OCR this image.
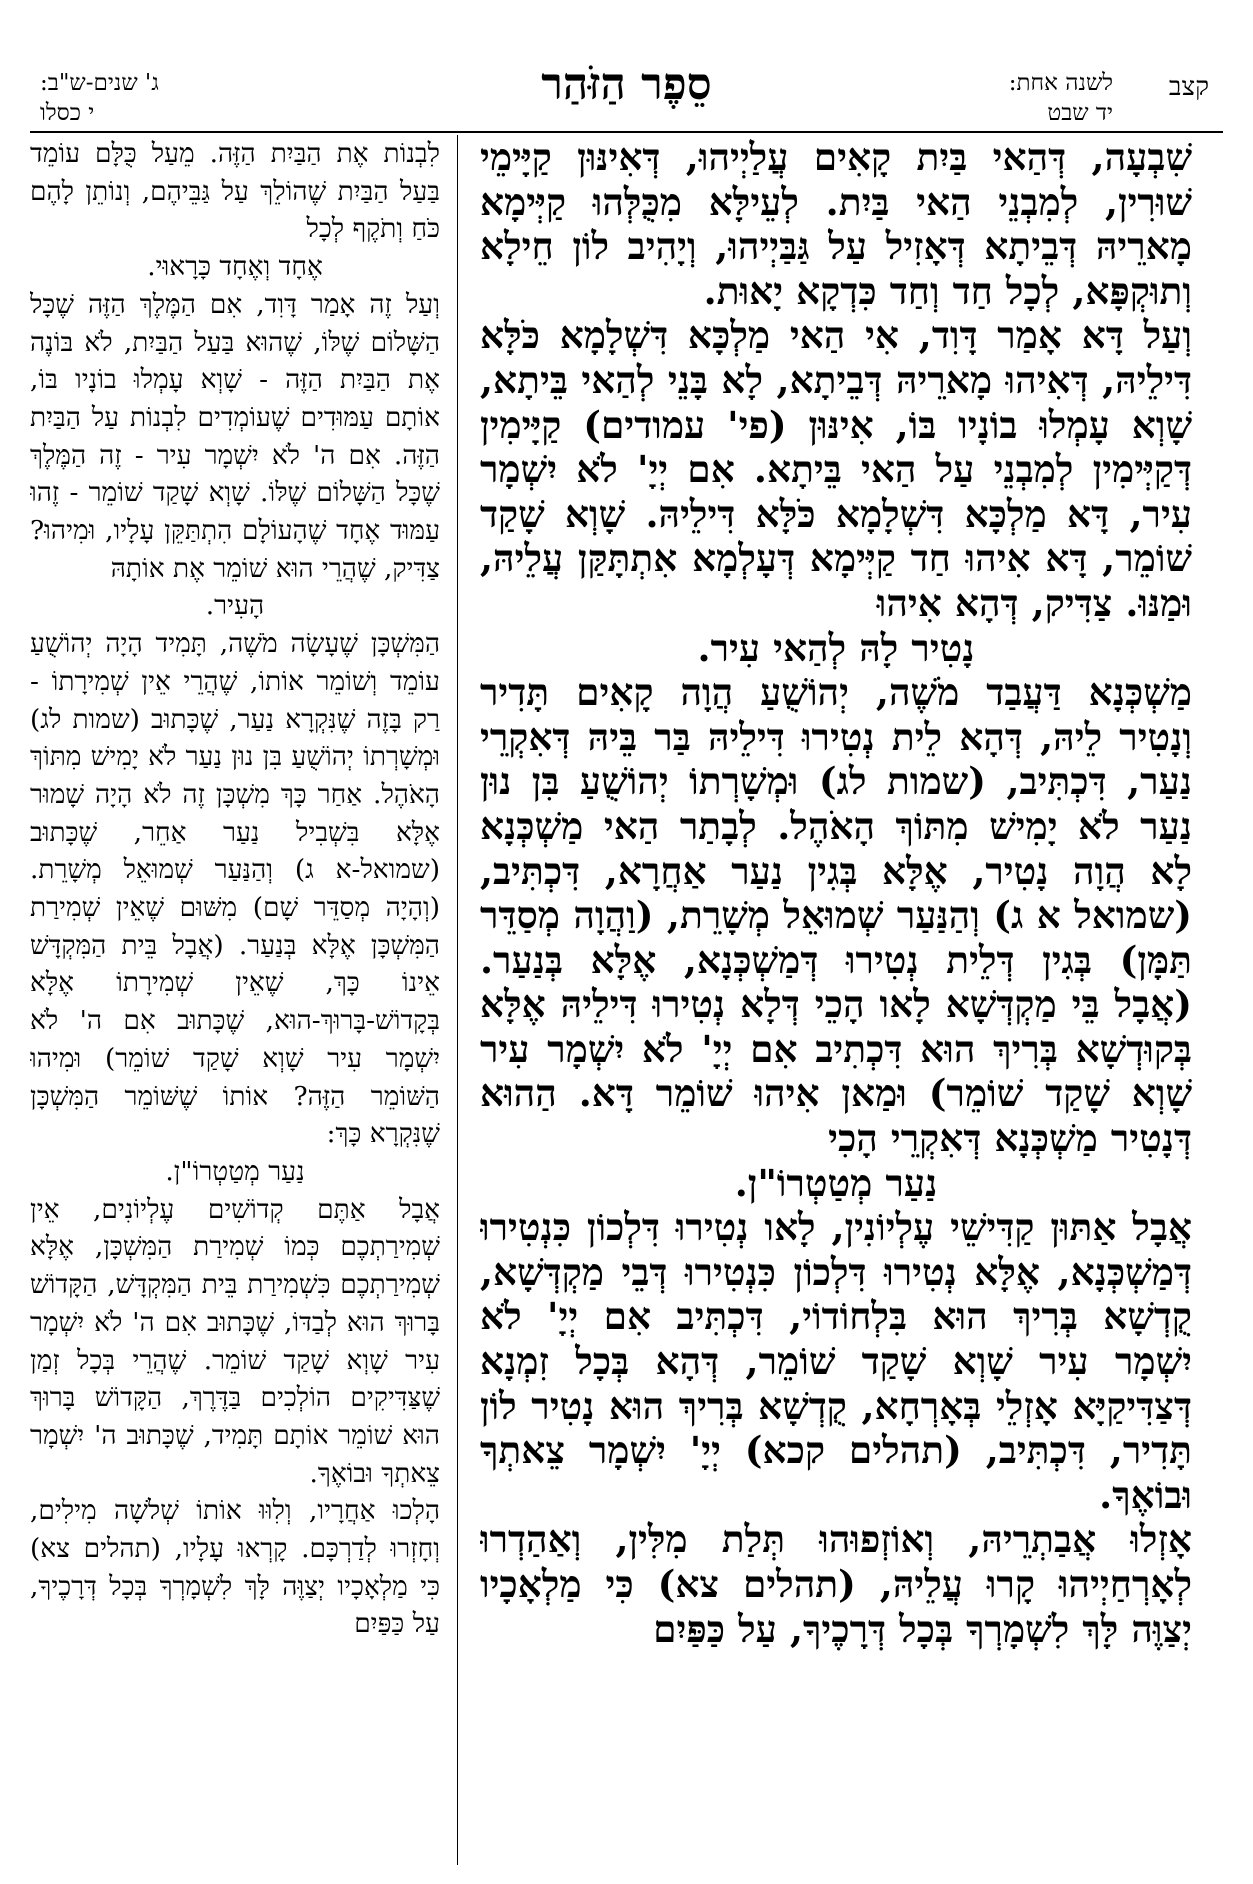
קצב
לשנה אחת:
יד שבט
סֵפֶר הַזֹּהַר
ג' שנים-ש"ב:
י כסלו

שִׁבְעָה, דְּהַאי בַּיִת קָאִים עֲלַיְיהוּ, דְּאִינּוּן קַיָּימֵי שׁוּרִין, לְמִבְנֵי הַאי בַּיִת. לְעֵילָּא מִכֻּלְּהוּ קַיְּימָא מָארֵיהּ דְּבֵיתָא דְּאָזִיל עַל גַּבַּיְיהוּ, וְיָהִיב לוֹן חֵילָא וְתוּקְפָּא, לְכָל חַד וְחַד כִּדְקָא יָאוּת.

וְעַל דָּא אָמַר דָּוִד, אִי הַאי מַלְכָּא דִּשְׁלָמָא כֹּלָּא דִּילֵיהּ, דְּאִיהוּ מָארֵיהּ דְּבֵיתָא, לָא בָּנֵי לְהַאי בֵּיתָא, שָׁוְא עָמְלוּ בוֹנָיו בּוֹ, אִינּוּן (פי' עמודים) קַיָּימִין דְּקַיְּימִין לְמִבְנֵי עַל הַאי בֵּיתָא. אִם יְיָ' לֹא יִשְׁמָר עִיר, דָּא מַלְכָּא דִּשְׁלָמָא כֹּלָּא דִּילֵיהּ. שָׁוְא שָׁקַד שׁוֹמֵר, דָּא אִיהוּ חַד קַיְּימָא דְּעָלְמָא אִתְתָּקַּן עֲלֵיהּ, וּמַנּוּ. צַדִּיק, דְּהָא אִיהוּ

נָטִיר לָהּ לְהַאי עִיר.

מַשְׁכְּנָא דַּעֲבַד מֹשֶׁה, יְהוֹשֻׁעַ הֲוָה קָאִים תָּדִיר וְנָטִיר לֵיהּ, דְּהָא לֵית נְטִירוּ דִּילֵיהּ בַּר בֵּיהּ דְּאִקְרֵי נַעַר, דִּכְתִּיב, (שמות לג) וּמְשָׁרְתוֹ יְהוֹשֻׁעַ בִּן נוּן נַעַר לֹא יָמִישׁ מִתּוֹךְ הָאֹהֶל. לְבָתַר הַאי מַשְׁכְּנָא לָא הֲוָה נָטִיר, אֶלָּא בְּגִין נַעַר אַחֲרָא, דִּכְתִּיב, (שמואל א ג) וְהַנַּעַר שְׁמוּאֵל מְשָׁרֵת, (וַהֲוָה מְסַדֵּר תַּמָּן) בְּגִין דְּלֵית נְטִירוּ דְּמַשְׁכְּנָא, אֶלָּא בְּנַעַר. (אֲבָל בֵּי מַקְדְּשָׁא לָאו הָכֵי דְּלָא נְטִירוּ דִּילֵיהּ אֶלָּא בְּקוּדְשָׁא בְּרִיךְ הוּא דִּכְתִיב אִם יְיָ' לֹא יִשְׁמָר עִיר שָׁוְא שָׁקַד שׁוֹמֵר) וּמַאן אִיהוּ שׁוֹמֵר דָּא. הַהוּא דְּנָטִיר מַשְׁכְּנָא דְּאִקְרֵי הָכִי

נַעַר מְטַטְרוֹ"ן.

אֲבָל אַתּוּן קַדִּישֵׁי עֶלְיוֹנִין, לָאו נְטִירוּ דִּלְכוֹן כִּנְטִירוּ דְּמַשְׁכְּנָא, אֶלָּא נְטִירוּ דִּלְכוֹן כִּנְטִירוּ דְּבֵי מַקְדְּשָׁא, קֻדְשָׁא בְּרִיךְ הוּא בִּלְחוֹדוֹי, דִּכְתִּיב אִם יְיָ' לֹא יִשְׁמָר עִיר שָׁוְא שָׁקַד שׁוֹמֵר, דְּהָא בְּכָל זִמְנָא דְּצַדִּיקַיָּא אָזְלֵי בְּאָרְחָא, קֻדְשָׁא בְּרִיךְ הוּא נָטִיר לוֹן תָּדִיר, דִּכְתִּיב, (תהלים קכא) יְיָ' יִשְׁמָר צֵאתְךָ וּבוֹאֶךָ.

אָזְלוּ אֲבַתְרֵיהּ, וְאוֹזְפוּהוּ תְּלַת מִלִּין, וְאַהַדְרוּ לְאָרְחַיְיהוּ קָרוּ עֲלֵיהּ, (תהלים צא) כִּי מַלְאָכָיו יְצַוֶּה לָּךְ לִשְׁמָרְךָ בְּכָל דְּרָכֶיךָ, עַל כַּפַּיִם

לִבְנוֹת אֶת הַבַּיִת הַזֶּה. מֵעַל כֻּלָּם עוֹמֵד בַּעַל הַבַּיִת שֶׁהוֹלֵךְ עַל גַּבֵּיהֶם, וְנוֹתֵן לָהֶם כֹּחַ וְתֹקֶף לְכָל

אֶחָד וְאֶחָד כָּרָאוּי.

וְעַל זֶה אָמַר דָּוִד, אִם הַמֶּלֶךְ הַזֶּה שֶׁכָּל הַשָּׁלוֹם שֶׁלּוֹ, שֶׁהוּא בַּעַל הַבַּיִת, לֹא בּוֹנֶה אֶת הַבַּיִת הַזֶּה - שָׁוְא עָמְלוּ בוֹנָיו בּוֹ, אוֹתָם עַמּוּדִים שֶׁעוֹמְדִים לִבְנוֹת עַל הַבַּיִת הַזֶּה. אִם ה' לֹא יִשְׁמָר עִיר - זֶה הַמֶּלֶךְ שֶׁכָּל הַשָּׁלוֹם שֶׁלּוֹ. שָׁוְא שָׁקַד שׁוֹמֵר - זֶהוּ עַמּוּד אֶחָד שֶׁהָעוֹלָם הִתְתַּקֵּן עָלָיו, וּמִיהוּ? צַדִּיק, שֶׁהֲרֵי הוּא שׁוֹמֵר אֶת אוֹתָהּ

הָעִיר.

הַמִּשְׁכָּן שֶׁעָשָׂה מֹשֶׁה, תָּמִיד הָיָה יְהוֹשֻׁעַ עוֹמֵד וְשׁוֹמֵר אוֹתוֹ, שֶׁהֲרֵי אֵין שְׁמִירָתוֹ - רַק בָּזֶה שֶׁנִּקְרָא נַעַר, שֶׁכָּתוּב (שמות לג) וּמְשָׁרְתוֹ יְהוֹשֻׁעַ בִּן נוּן נַעַר לֹא יָמִישׁ מִתּוֹךְ הָאֹהֶל. אַחַר כָּךְ מִשְׁכָּן זֶה לֹא הָיָה שָׁמוּר אֶלָּא בִּשְׁבִיל נַעַר אַחֵר, שֶׁכָּתוּב (שמואל-א ג) וְהַנַּעַר שְׁמוּאֵל מְשָׁרֵת. (וְהָיָה מְסַדֵּר שָׁם) מִשּׁוּם שֶׁאֵין שְׁמִירַת הַמִּשְׁכָּן אֶלָּא בְּנַעַר. (אֲבָל בֵּית הַמִּקְדָּשׁ אֵינוֹ כָּךְ, שֶׁאֵין שְׁמִירָתוֹ אֶלָּא בְּקָדוֹשׁ-בָּרוּךְ-הוּא, שֶׁכָּתוּב אִם ה' לֹא יִשְׁמָר עִיר שָׁוְא שָׁקַד שׁוֹמֵר) וּמִיהוּ הַשּׁוֹמֵר הַזֶּה? אוֹתוֹ שֶׁשּׁוֹמֵר הַמִּשְׁכָּן שֶׁנִּקְרָא כָּךְ:

נַעַר מְטַטְרוֹ"ן.

אֲבָל אַתֶּם קְדוֹשִׁים עֶלְיוֹנִים, אֵין שְׁמִירַתְכֶם כְּמוֹ שְׁמִירַת הַמִּשְׁכָּן, אֶלָּא שְׁמִירַתְכֶם כִּשְׁמִירַת בֵּית הַמִּקְדָּשׁ, הַקָּדוֹשׁ בָּרוּךְ הוּא לְבַדּוֹ, שֶׁכָּתוּב אִם ה' לֹא יִשְׁמָר עִיר שָׁוְא שָׁקַד שׁוֹמֵר. שֶׁהֲרֵי בְּכָל זְמַן שֶׁצַּדִּיקִים הוֹלְכִים בַּדֶּרֶךְ, הַקָּדוֹשׁ בָּרוּךְ הוּא שׁוֹמֵר אוֹתָם תָּמִיד, שֶׁכָּתוּב ה' יִשְׁמָר צֵאתְךָ וּבוֹאֶךָ.

הָלְכוּ אַחֲרָיו, וְלִוּוּ אוֹתוֹ שְׁלֹשָׁה מִילִים, וְחָזְרוּ לְדַרְכָּם. קָרְאוּ עָלָיו, (תהלים צא) כִּי מַלְאָכָיו יְצַוֶּה לָּךְ לִשְׁמָרְךָ בְּכָל דְּרָכֶיךָ, עַל כַּפַּיִם
